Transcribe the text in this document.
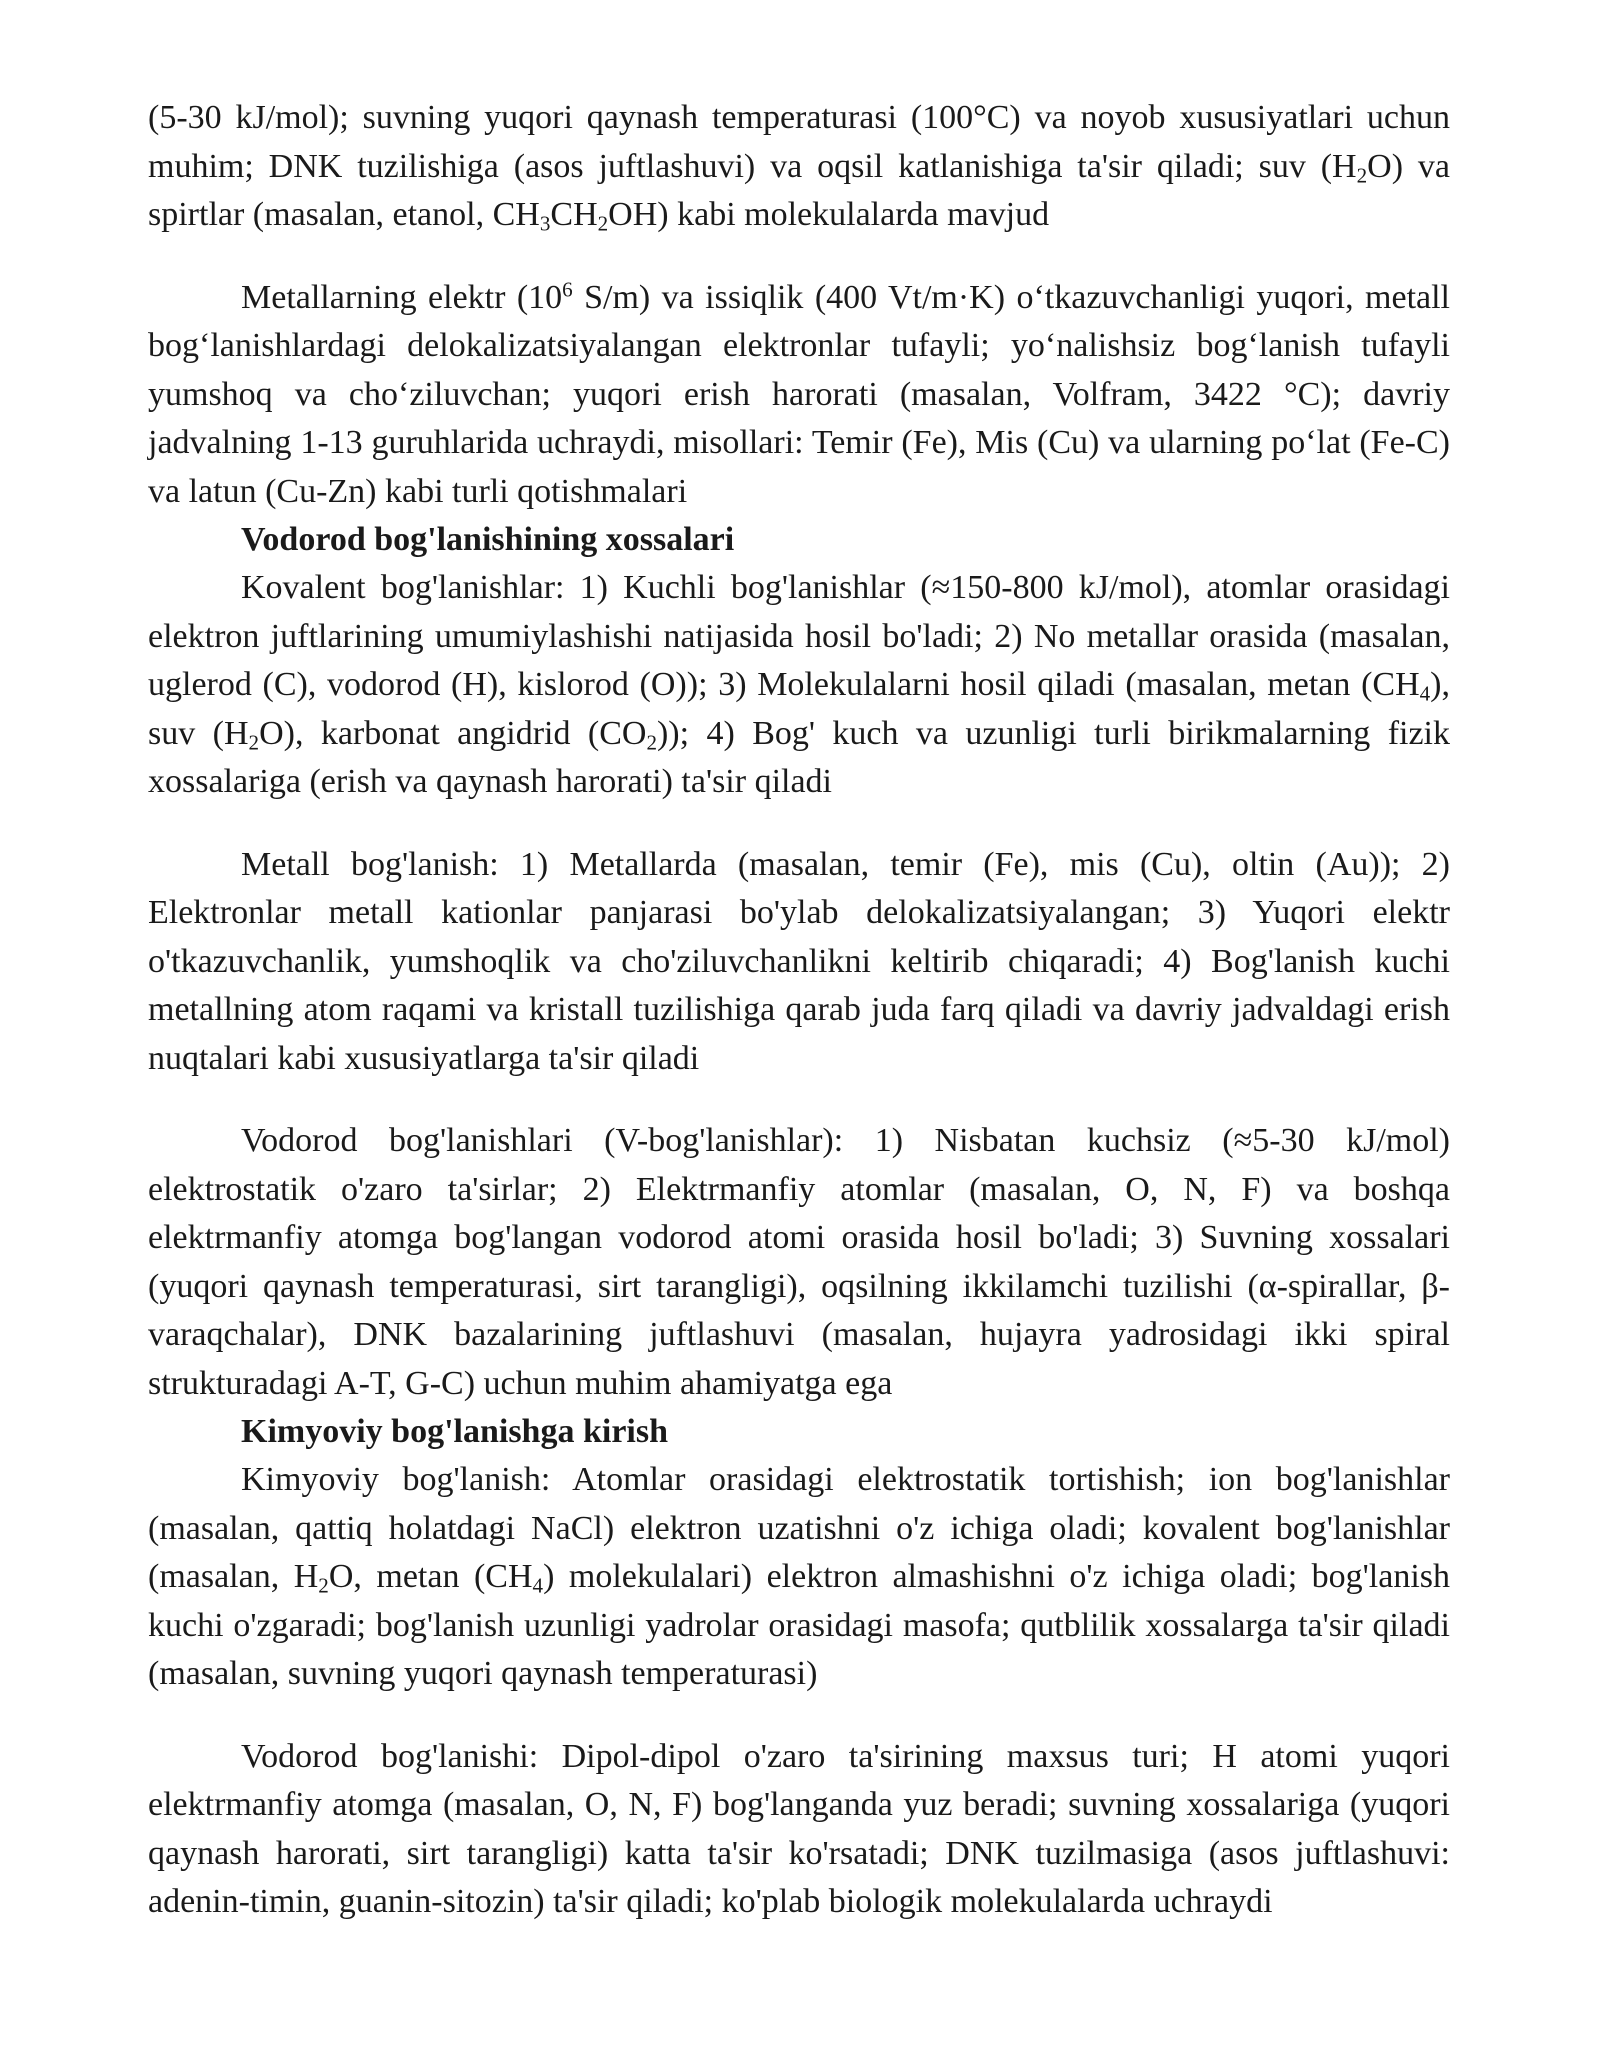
(5-30 kJ/mol); suvning yuqori qaynash temperaturasi (100°C) va noyob xususiyatlari uchun muhim; DNK tuzilishiga (asos juftlashuvi) va oqsil katlanishiga ta'sir qiladi; suv $(H_2O)$ va spirtlar (masalan, etanol, $CH_3CH_2OH$) kabi molekulalarda mavjud

Metallarning elektr ($10^6$ S/m) va issiqlik (400 Vt/m·K) o‘tkazuvchanligi yuqori, metall bog‘lanishlardagi delokalizatsiyalangan elektronlar tufayli; yo‘nalishsiz bog‘lanish tufayli yumshoq va cho‘ziluvchan; yuqori erish harorati (masalan, Volfram, 3422 °C); davriy jadvalning 1-13 guruhlarida uchraydi, misollari: Temir (Fe), Mis (Cu) va ularning po‘lat (Fe-C) va latun (Cu-Zn) kabi turli qotishmalari

Vodorod bog'lanishining xossalari

Kovalent bog'lanishlar: 1) Kuchli bog'lanishlar (≈150-800 kJ/mol), atomlar orasidagi elektron juftlarining umumiylashishi natijasida hosil bo'ladi; 2) No metallar orasida (masalan, uglerod (C), vodorod (H), kislorod (O)); 3) Molekulalarni hosil qiladi (masalan, metan $(CH_4)$, suv $(H_2O)$, karbonat angidrid $(CO_2)$); 4) Bog' kuch va uzunligi turli birikmalarning fizik xossalariga (erish va qaynash harorati) ta'sir qiladi

Metall bog'lanish: 1) Metallarda (masalan, temir (Fe), mis (Cu), oltin (Au)); 2) Elektronlar metall kationlar panjarasi bo'ylab delokalizatsiyalangan; 3) Yuqori elektr o'tkazuvchanlik, yumshoqlik va cho'ziluvchanlikni keltirib chiqaradi; 4) Bog'lanish kuchi metallning atom raqami va kristall tuzilishiga qarab juda farq qiladi va davriy jadvaldagi erish nuqtalari kabi xususiyatlarga ta'sir qiladi

Vodorod bog'lanishlari (V-bog'lanishlar): 1) Nisbatan kuchsiz (≈5-30 kJ/mol) elektrostatik o'zaro ta'sirlar; 2) Elektrmanfiy atomlar (masalan, O, N, F) va boshqa elektrmanfiy atomga bog'langan vodorod atomi orasida hosil bo'ladi; 3) Suvning xossalari (yuqori qaynash temperaturasi, sirt tarangligi), oqsilning ikkilamchi tuzilishi (α-spirallar, β-varaqchalar), DNK bazalarining juftlashuvi (masalan, hujayra yadrosidagi ikki spiral strukturadagi A-T, G-C) uchun muhim ahamiyatga ega

Kimyoviy bog'lanishga kirish

Kimyoviy bog'lanish: Atomlar orasidagi elektrostatik tortishish; ion bog'lanishlar (masalan, qattiq holatdagi NaCl) elektron uzatishni o'z ichiga oladi; kovalent bog'lanishlar (masalan, $H_2O$, metan $(CH_4)$ molekulalari) elektron almashishni o'z ichiga oladi; bog'lanish kuchi o'zgaradi; bog'lanish uzunligi yadrolar orasidagi masofa; qutblilik xossalarga ta'sir qiladi (masalan, suvning yuqori qaynash temperaturasi)

Vodorod bog'lanishi: Dipol-dipol o'zaro ta'sirining maxsus turi; H atomi yuqori elektrmanfiy atomga (masalan, O, N, F) bog'langanda yuz beradi; suvning xossalariga (yuqori qaynash harorati, sirt tarangligi) katta ta'sir ko'rsatadi; DNK tuzilmasiga (asos juftlashuvi: adenin-timin, guanin-sitozin) ta'sir qiladi; ko'plab biologik molekulalarda uchraydi
